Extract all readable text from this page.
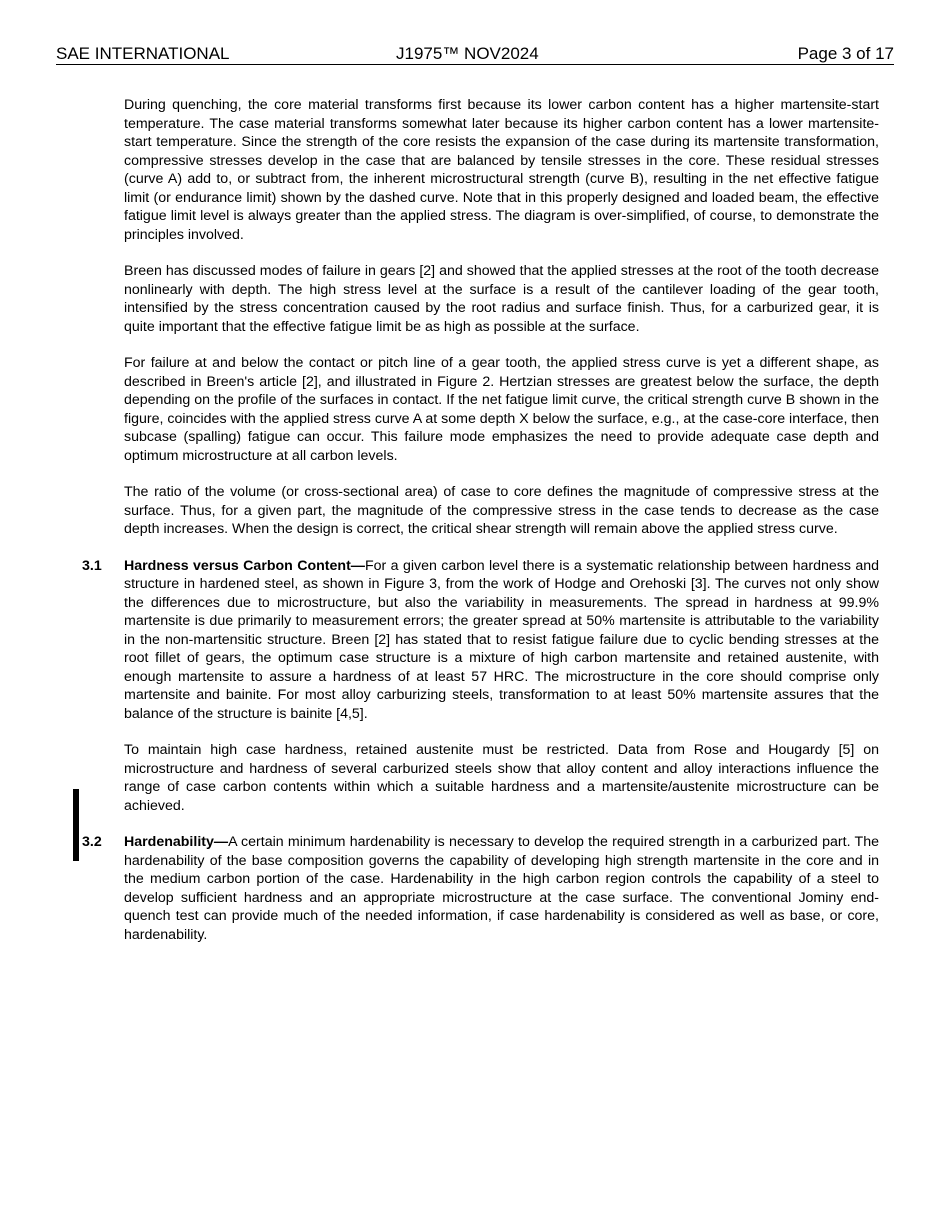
SAE INTERNATIONAL	J1975™ NOV2024	Page 3 of 17

During quenching, the core material transforms first because its lower carbon content has a higher martensite-start temperature. The case material transforms somewhat later because its higher carbon content has a lower martensite-start temperature. Since the strength of the core resists the expansion of the case during its martensite transformation, compressive stresses develop in the case that are balanced by tensile stresses in the core. These residual stresses (curve A) add to, or subtract from, the inherent microstructural strength (curve B), resulting in the net effective fatigue limit (or endurance limit) shown by the dashed curve. Note that in this properly designed and loaded beam, the effective fatigue limit level is always greater than the applied stress. The diagram is over-simplified, of course, to demonstrate the principles involved.

Breen has discussed modes of failure in gears [2] and showed that the applied stresses at the root of the tooth decrease nonlinearly with depth. The high stress level at the surface is a result of the cantilever loading of the gear tooth, intensified by the stress concentration caused by the root radius and surface finish. Thus, for a carburized gear, it is quite important that the effective fatigue limit be as high as possible at the surface.

For failure at and below the contact or pitch line of a gear tooth, the applied stress curve is yet a different shape, as described in Breen's article [2], and illustrated in Figure 2. Hertzian stresses are greatest below the surface, the depth depending on the profile of the surfaces in contact. If the net fatigue limit curve, the critical strength curve B shown in the figure, coincides with the applied stress curve A at some depth X below the surface, e.g., at the case-core interface, then subcase (spalling) fatigue can occur. This failure mode emphasizes the need to provide adequate case depth and optimum microstructure at all carbon levels.

The ratio of the volume (or cross-sectional area) of case to core defines the magnitude of compressive stress at the surface. Thus, for a given part, the magnitude of the compressive stress in the case tends to decrease as the case depth increases. When the design is correct, the critical shear strength will remain above the applied stress curve.

3.1 Hardness versus Carbon Content—For a given carbon level there is a systematic relationship between hardness and structure in hardened steel, as shown in Figure 3, from the work of Hodge and Orehoski [3]. The curves not only show the differences due to microstructure, but also the variability in measurements. The spread in hardness at 99.9% martensite is due primarily to measurement errors; the greater spread at 50% martensite is attributable to the variability in the non-martensitic structure. Breen [2] has stated that to resist fatigue failure due to cyclic bending stresses at the root fillet of gears, the optimum case structure is a mixture of high carbon martensite and retained austenite, with enough martensite to assure a hardness of at least 57 HRC. The microstructure in the core should comprise only martensite and bainite. For most alloy carburizing steels, transformation to at least 50% martensite assures that the balance of the structure is bainite [4,5].

To maintain high case hardness, retained austenite must be restricted. Data from Rose and Hougardy [5] on microstructure and hardness of several carburized steels show that alloy content and alloy interactions influence the range of case carbon contents within which a suitable hardness and a martensite/austenite microstructure can be achieved.

3.2 Hardenability—A certain minimum hardenability is necessary to develop the required strength in a carburized part. The hardenability of the base composition governs the capability of developing high strength martensite in the core and in the medium carbon portion of the case. Hardenability in the high carbon region controls the capability of a steel to develop sufficient hardness and an appropriate microstructure at the case surface. The conventional Jominy end-quench test can provide much of the needed information, if case hardenability is considered as well as base, or core, hardenability.
